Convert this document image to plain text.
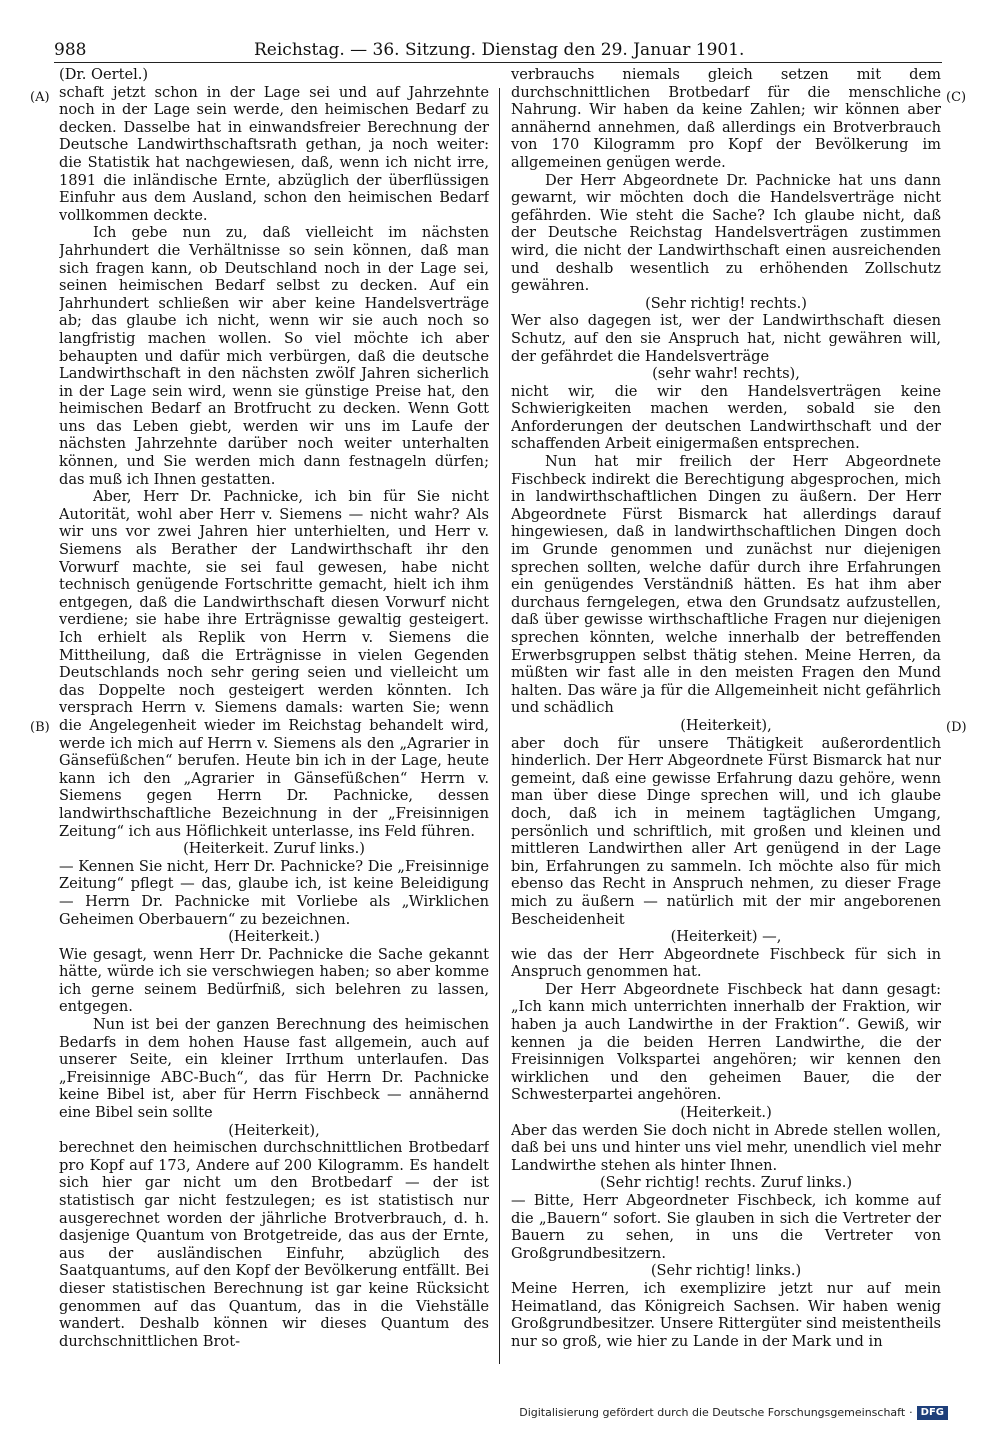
988	Reichstag. — 36. Sitzung. Dienstag den 29. Januar 1901.
(A)
(B)
(C)
(D)

(Dr. Oertel.)

schaft jetzt schon in der Lage sei und auf Jahrzehnte noch in der Lage sein werde, den heimischen Bedarf zu decken. Dasselbe hat in einwandsfreier Berechnung der Deutsche Landwirthschaftsrath gethan, ja noch weiter: die Statistik hat nachgewiesen, daß, wenn ich nicht irre, 1891 die inländische Ernte, abzüglich der überflüssigen Einfuhr aus dem Ausland, schon den heimischen Bedarf vollkommen deckte.

Ich gebe nun zu, daß vielleicht im nächsten Jahrhundert die Verhältnisse so sein können, daß man sich fragen kann, ob Deutschland noch in der Lage sei, seinen heimischen Bedarf selbst zu decken. Auf ein Jahrhundert schließen wir aber keine Handelsverträge ab; das glaube ich nicht, wenn wir sie auch noch so langfristig machen wollen. So viel möchte ich aber behaupten und dafür mich verbürgen, daß die deutsche Landwirthschaft in den nächsten zwölf Jahren sicherlich in der Lage sein wird, wenn sie günstige Preise hat, den heimischen Bedarf an Brotfrucht zu decken. Wenn Gott uns das Leben giebt, werden wir uns im Laufe der nächsten Jahrzehnte darüber noch weiter unterhalten können, und Sie werden mich dann festnageln dürfen; das muß ich Ihnen gestatten.

Aber, Herr Dr. Pachnicke, ich bin für Sie nicht Autorität, wohl aber Herr v. Siemens — nicht wahr? Als wir uns vor zwei Jahren hier unterhielten, und Herr v. Siemens als Berather der Landwirthschaft ihr den Vorwurf machte, sie sei faul gewesen, habe nicht technisch genügende Fortschritte gemacht, hielt ich ihm entgegen, daß die Landwirthschaft diesen Vorwurf nicht verdiene; sie habe ihre Erträgnisse gewaltig gesteigert. Ich erhielt als Replik von Herrn v. Siemens die Mittheilung, daß die Erträgnisse in vielen Gegenden Deutschlands noch sehr gering seien und vielleicht um das Doppelte noch gesteigert werden könnten. Ich versprach Herrn v. Siemens damals: warten Sie; wenn die Angelegenheit wieder im Reichstag behandelt wird, werde ich mich auf Herrn v. Siemens als den „Agrarier in Gänsefüßchen“ berufen. Heute bin ich in der Lage, heute kann ich den „Agrarier in Gänsefüßchen“ Herrn v. Siemens gegen Herrn Dr. Pachnicke, dessen landwirthschaftliche Bezeichnung in der „Freisinnigen Zeitung“ ich aus Höflichkeit unterlasse, ins Feld führen.

(Heiterkeit. Zuruf links.)

— Kennen Sie nicht, Herr Dr. Pachnicke? Die „Freisinnige Zeitung“ pflegt — das, glaube ich, ist keine Beleidigung — Herrn Dr. Pachnicke mit Vorliebe als „Wirklichen Geheimen Oberbauern“ zu bezeichnen.

(Heiterkeit.)

Wie gesagt, wenn Herr Dr. Pachnicke die Sache gekannt hätte, würde ich sie verschwiegen haben; so aber komme ich gerne seinem Bedürfniß, sich belehren zu lassen, entgegen.

Nun ist bei der ganzen Berechnung des heimischen Bedarfs in dem hohen Hause fast allgemein, auch auf unserer Seite, ein kleiner Irrthum unterlaufen. Das „Freisinnige ABC-Buch“, das für Herrn Dr. Pachnicke keine Bibel ist, aber für Herrn Fischbeck — annähernd eine Bibel sein sollte

(Heiterkeit),

berechnet den heimischen durchschnittlichen Brotbedarf pro Kopf auf 173, Andere auf 200 Kilogramm. Es handelt sich hier gar nicht um den Brotbedarf — der ist statistisch gar nicht festzulegen; es ist statistisch nur ausgerechnet worden der jährliche Brotverbrauch, d. h. dasjenige Quantum von Brotgetreide, das aus der Ernte, aus der ausländischen Einfuhr, abzüglich des Saatquantums, auf den Kopf der Bevölkerung entfällt. Bei dieser statistischen Berechnung ist gar keine Rücksicht genommen auf das Quantum, das in die Viehställe wandert. Deshalb können wir dieses Quantum des durchschnittlichen Brot-

verbrauchs niemals gleich setzen mit dem durchschnittlichen Brotbedarf für die menschliche Nahrung. Wir haben da keine Zahlen; wir können aber annähernd annehmen, daß allerdings ein Brotverbrauch von 170 Kilogramm pro Kopf der Bevölkerung im allgemeinen genügen werde.

Der Herr Abgeordnete Dr. Pachnicke hat uns dann gewarnt, wir möchten doch die Handelsverträge nicht gefährden. Wie steht die Sache? Ich glaube nicht, daß der Deutsche Reichstag Handelsverträgen zustimmen wird, die nicht der Landwirthschaft einen ausreichenden und deshalb wesentlich zu erhöhenden Zollschutz gewähren.

(Sehr richtig! rechts.)

Wer also dagegen ist, wer der Landwirthschaft diesen Schutz, auf den sie Anspruch hat, nicht gewähren will, der gefährdet die Handelsverträge

(sehr wahr! rechts),

nicht wir, die wir den Handelsverträgen keine Schwierigkeiten machen werden, sobald sie den Anforderungen der deutschen Landwirthschaft und der schaffenden Arbeit einigermaßen entsprechen.

Nun hat mir freilich der Herr Abgeordnete Fischbeck indirekt die Berechtigung abgesprochen, mich in landwirthschaftlichen Dingen zu äußern. Der Herr Abgeordnete Fürst Bismarck hat allerdings darauf hingewiesen, daß in landwirthschaftlichen Dingen doch im Grunde genommen und zunächst nur diejenigen sprechen sollten, welche dafür durch ihre Erfahrungen ein genügendes Verständniß hätten. Es hat ihm aber durchaus ferngelegen, etwa den Grundsatz aufzustellen, daß über gewisse wirthschaftliche Fragen nur diejenigen sprechen könnten, welche innerhalb der betreffenden Erwerbsgruppen selbst thätig stehen. Meine Herren, da müßten wir fast alle in den meisten Fragen den Mund halten. Das wäre ja für die Allgemeinheit nicht gefährlich und schädlich

(Heiterkeit),

aber doch für unsere Thätigkeit außerordentlich hinderlich. Der Herr Abgeordnete Fürst Bismarck hat nur gemeint, daß eine gewisse Erfahrung dazu gehöre, wenn man über diese Dinge sprechen will, und ich glaube doch, daß ich in meinem tagtäglichen Umgang, persönlich und schriftlich, mit großen und kleinen und mittleren Landwirthen aller Art genügend in der Lage bin, Erfahrungen zu sammeln. Ich möchte also für mich ebenso das Recht in Anspruch nehmen, zu dieser Frage mich zu äußern — natürlich mit der mir angeborenen Bescheidenheit

(Heiterkeit) —,

wie das der Herr Abgeordnete Fischbeck für sich in Anspruch genommen hat.

Der Herr Abgeordnete Fischbeck hat dann gesagt: „Ich kann mich unterrichten innerhalb der Fraktion, wir haben ja auch Landwirthe in der Fraktion“. Gewiß, wir kennen ja die beiden Herren Landwirthe, die der Freisinnigen Volkspartei angehören; wir kennen den wirklichen und den geheimen Bauer, die der Schwesterpartei angehören.

(Heiterkeit.)

Aber das werden Sie doch nicht in Abrede stellen wollen, daß bei uns und hinter uns viel mehr, unendlich viel mehr Landwirthe stehen als hinter Ihnen.

(Sehr richtig! rechts. Zuruf links.)

— Bitte, Herr Abgeordneter Fischbeck, ich komme auf die „Bauern“ sofort. Sie glauben in sich die Vertreter der Bauern zu sehen, in uns die Vertreter von Großgrundbesitzern.

(Sehr richtig! links.)

Meine Herren, ich exemplizire jetzt nur auf mein Heimatland, das Königreich Sachsen. Wir haben wenig Großgrundbesitzer. Unsere Rittergüter sind meistentheils nur so groß, wie hier zu Lande in der Mark und in

Digitalisierung gefördert durch die Deutsche Forschungsgemeinschaft · DFG
